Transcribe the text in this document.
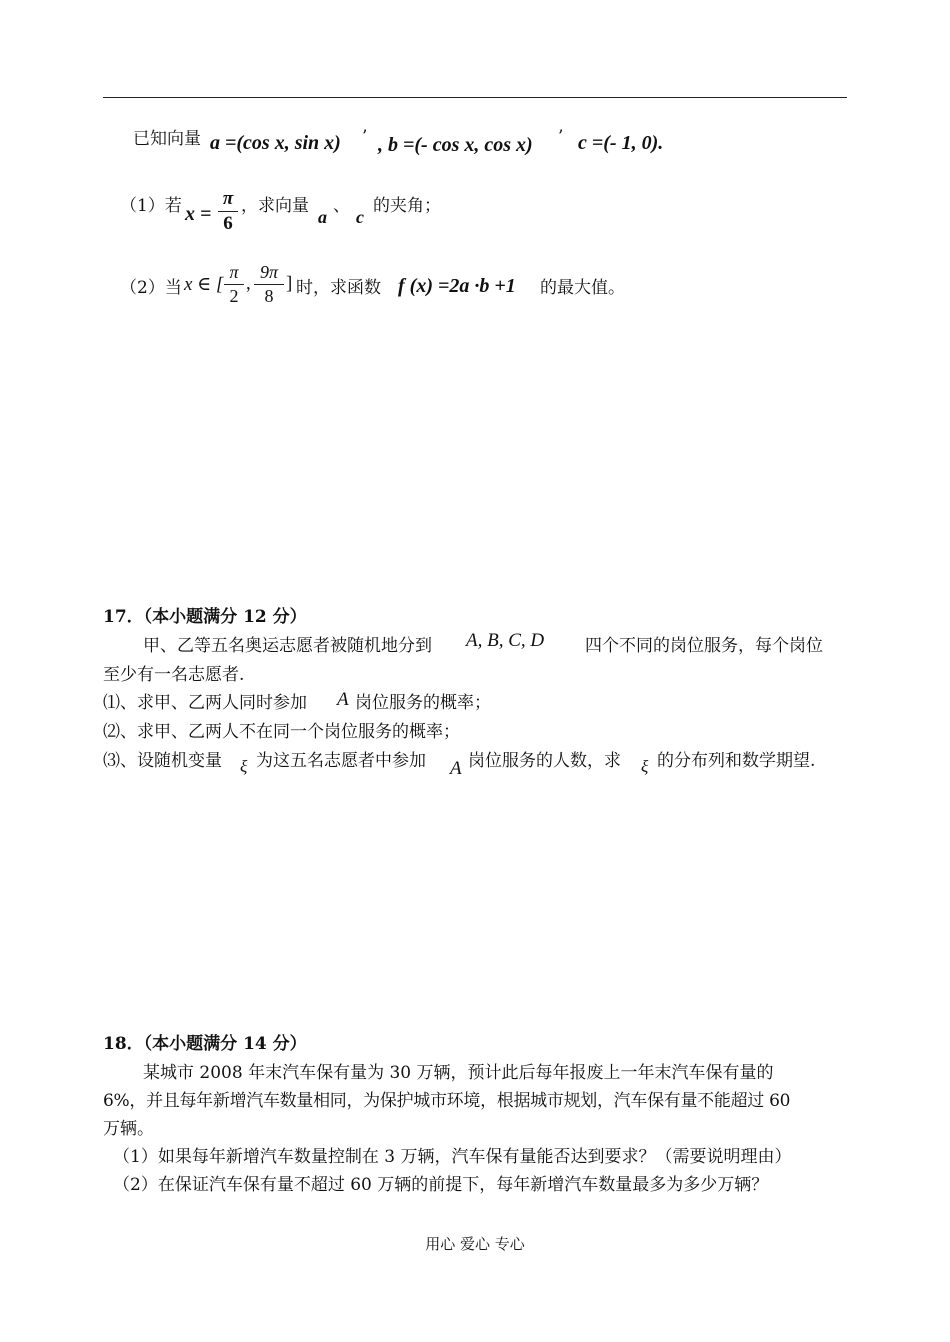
已知向量 a =(cos x, sin x) ’ , b =(- cos x, cos x) ’ c =(- 1, 0).
（1）若 x =
π
6
，求向量
a
、
c
的夹角；
（2）当 x ∈ [
π
2
,
9π
8
] 时，求函数 f (x) =2a ·b +1 的最大值。
17．（本小题满分 12 分）
甲、乙等五名奥运志愿者被随机地分到 A, B, C, D 四个不同的岗位服务，每个岗位
至少有一名志愿者.
⑴、求甲、乙两人同时参加 A 岗位服务的概率；
⑵、求甲、乙两人不在同一个岗位服务的概率；
⑶、设随机变量 ξ 为这五名志愿者中参加 A 岗位服务的人数，求 ξ 的分布列和数学期望.
18．（本小题满分 14 分）
某城市 2008 年末汽车保有量为 30 万辆，预计此后每年报废上一年末汽车保有量的
6%，并且每年新增汽车数量相同，为保护城市环境，根据城市规划，汽车保有量不能超过 60
万辆。
（1）如果每年新增汽车数量控制在 3 万辆，汽车保有量能否达到要求？（需要说明理由）
（2）在保证汽车保有量不超过 60 万辆的前提下，每年新增汽车数量最多为多少万辆？
用心 爱心 专心
